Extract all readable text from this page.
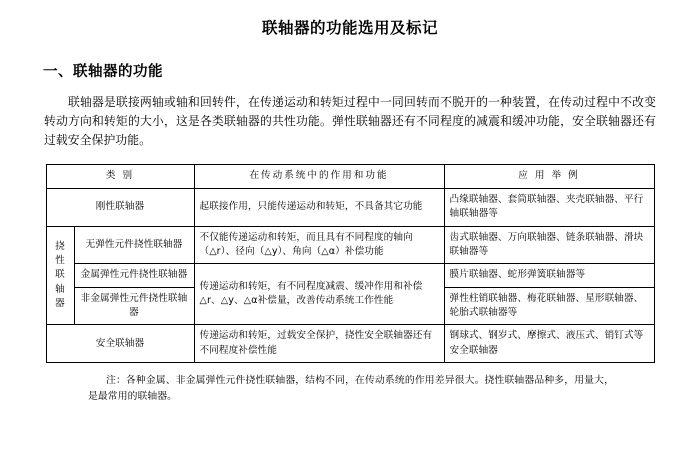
联轴器的功能选用及标记
一、联轴器的功能
联轴器是联接两轴或轴和回转件，在传递运动和转矩过程中一同回转而不脱开的一种装置，在传动过程中不改变转动方向和转矩的大小，这是各类联轴器的共性功能。弹性联轴器还有不同程度的减震和缓冲功能，安全联轴器还有过载安全保护功能。
类 别		在传动系统中的作用和功能	应 用 举 例
刚性联轴器		起联接作用，只能传递运动和转矩，不具备其它功能	凸缘联轴器、套筒联轴器、夹壳联轴器、平行轴联轴器等

挠
性
联
轴
器	无弹性元件挠性联轴器	不仅能传递运动和转矩，而且具有不同程度的轴向（△r）、径向（△y）、角向（△α）补偿功能	齿式联轴器、万向联轴器、链条联轴器、滑块联轴器等
	金属弹性元件挠性联轴器	传递运动和转矩，有不同程度减震、缓冲作用和补偿△r、△y、△α补偿量，改善传动系统工作性能	膜片联轴器、蛇形弹簧联轴器等
	非金属弹性元件挠性联轴器		弹性柱销联轴器、梅花联轴器、星形联轴器、轮胎式联轴器等
安全联轴器		传递运动和转矩，过载安全保护，挠性安全联轴器还有不同程度补偿性能	钢球式、钢岁式、摩擦式、液压式、销钉式等安全联轴器
注：各种金属、非金属弹性元件挠性联轴器，结构不同，在传动系统的作用差异很大。挠性联轴器品种多，用量大，是最常用的联轴器。
